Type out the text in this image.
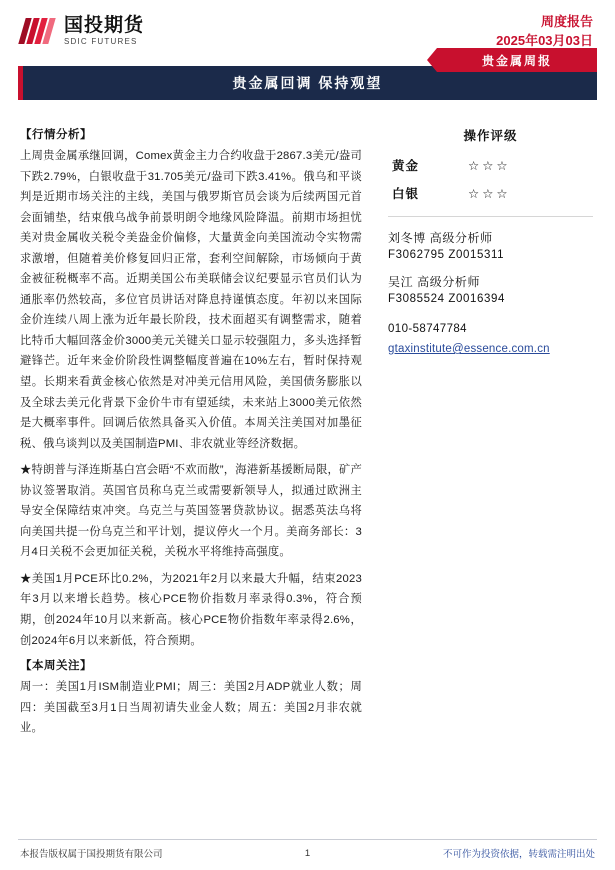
国投期货
SDIC FUTURES
周度报告
2025年03月03日
贵金属回调 保持观望
贵金属周报
【行情分析】

上周贵金属承继回调，Comex黄金主力合约收盘于2867.3美元/盎司下跌2.79%，白银收盘于31.705美元/盎司下跌3.41%。俄乌和平谈判是近期市场关注的主线，美国与俄罗斯官员会谈为后续两国元首会面铺垫，结束俄乌战争前景明朗令地缘风险降温。前期市场担忧美对贵金属收关税令美盎金价偏修，大量黄金向美国流动令实物需求激增，但随着美价修复回归正常，套利空间解除，市场倾向于黄金被征税概率不高。近期美国公布美联储会议纪要显示官员们认为通胀率仍然较高，多位官员讲话对降息持谨慎态度。年初以来国际金价连续八周上涨为近年最长阶段，技术面超买有调整需求，随着比特币大幅回落金价3000美元关键关口显示较强阻力，多头选择暂避锋芒。近年来金价阶段性调整幅度普遍在10%左右，暂时保持观望。长期来看黄金核心依然是对冲美元信用风险，美国债务膨胀以及全球去美元化背景下金价牛市有望延续，未来站上3000美元依然是大概率事件。回调后依然具备买入价值。本周关注美国对加墨征税、俄乌谈判以及美国制造PMI、非农就业等经济数据。

★特朗普与泽连斯基白宫会晤“不欢而散”，海港新基援断局限，矿产协议签署取消。英国官员称乌克兰或需要新领导人，拟通过欧洲主导安全保障结束冲突。乌克兰与英国签署贷款协议。据悉英法乌将向美国共提一份乌克兰和平计划，提议停火一个月。美商务部长：3月4日关税不会更加征关税，关税水平将维持高强度。

★美国1月PCE环比0.2%，为2021年2月以来最大升幅，结束2023年3月以来增长趋势。核心PCE物价指数月率录得0.3%，符合预期，创2024年10月以来新高。核心PCE物价指数年率录得2.6%，创2024年6月以来新低，符合预期。

【本周关注】

周一：美国1月ISM制造业PMI；周三：美国2月ADP就业人数；周四：美国截至3月1日当周初请失业金人数；周五：美国2月非农就业。

操作评级
黄金	☆☆☆
白银	☆☆☆
刘冬博 高级分析师
F3062795 Z0015311
吴江 高级分析师
F3085524 Z0016394
010-58747784
gtaxinstitute@essence.com.cn
本报告版权属于国投期货有限公司	1	不可作为投资依据，转载需注明出处
